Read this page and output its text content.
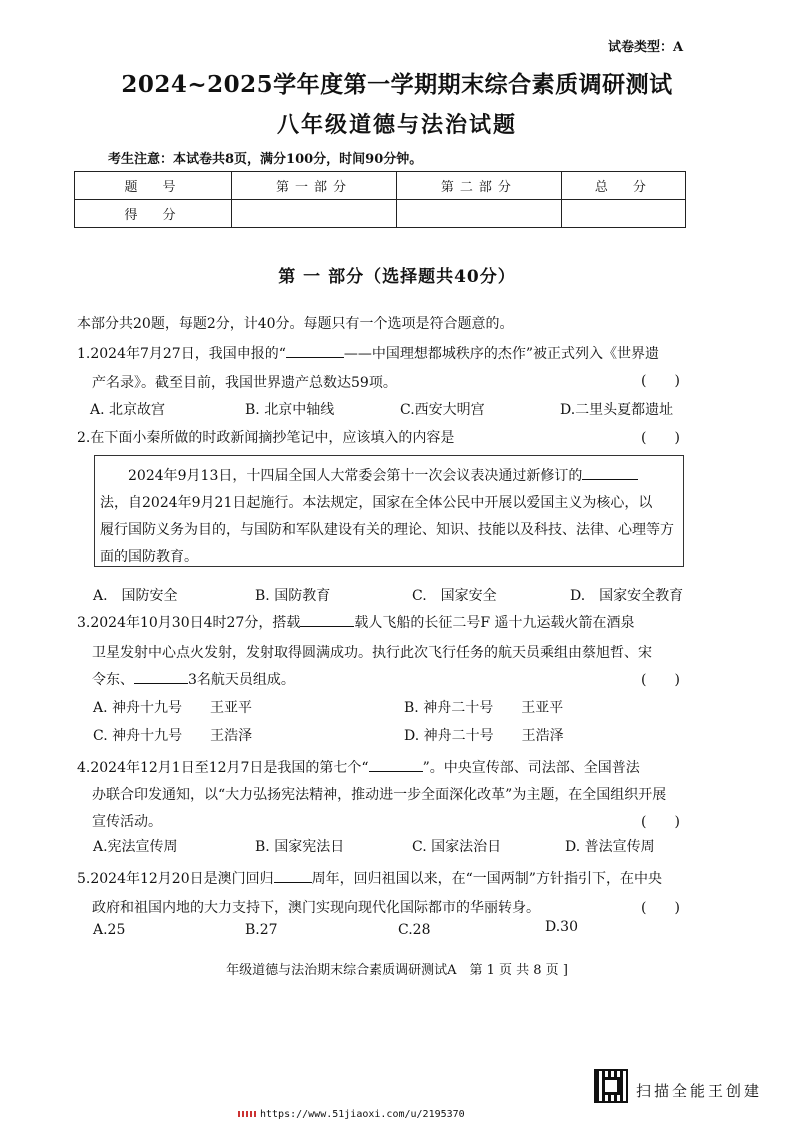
试卷类型：A
2024~2025学年度第一学期期末综合素质调研测试
八年级道德与法治试题
考生注意：本试卷共8页，满分100分，时间90分钟。
题　号	第一部分	第二部分	总　分
得　分			
第 一 部分（选择题共40分）
本部分共20题，每题2分，计40分。每题只有一个选项是符合题意的。
1.2024年7月27日，我国申报的“	——中国理想都城秩序的杰作”被正式列入《世界遗
产名录》。截至目前，我国世界遗产总数达59项。	(　　)
A. 北京故宫	B. 北京中轴线	C.西安大明宫	D.二里头夏都遗址
2.在下面小秦所做的时政新闻摘抄笔记中，应该填入的内容是	(　　)
2024年9月13日，十四届全国人大常委会第十一次会议表决通过新修订的
法，自2024年9月21日起施行。本法规定，国家在全体公民中开展以爱国主义为核心，以
履行国防义务为目的，与国防和军队建设有关的理论、知识、技能以及科技、法律、心理等方
面的国防教育。
A.　国防安全	B. 国防教育	C.　国家安全	D.　国家安全教育
3.2024年10月30日4时27分，搭载	载人飞船的长征二号F 遥十九运载火箭在酒泉
卫星发射中心点火发射，发射取得圆满成功。执行此次飞行任务的航天员乘组由蔡旭哲、宋
令东、	3名航天员组成。	(　　)
A. 神舟十九号　　王亚平	B. 神舟二十号　　王亚平
C. 神舟十九号　　王浩泽	D. 神舟二十号　　王浩泽
4.2024年12月1日至12月7日是我国的第七个“	”。中央宣传部、司法部、全国普法
办联合印发通知，以“大力弘扬宪法精神，推动进一步全面深化改革”为主题，在全国组织开展
宣传活动。	(　　)
A.宪法宣传周	B. 国家宪法日	C. 国家法治日	D. 普法宣传周
5.2024年12月20日是澳门回归	周年，回归祖国以来，在“一国两制”方针指引下，在中央
政府和祖国内地的大力支持下，澳门实现向现代化国际都市的华丽转身。	(　　)
A.25	B.27	C.28	D.30
年级道德与法治期末综合素质调研测试A　第 1 页 共 8 页 ]
扫描全能王创建
https://www.51jiaoxi.com/u/2195370
